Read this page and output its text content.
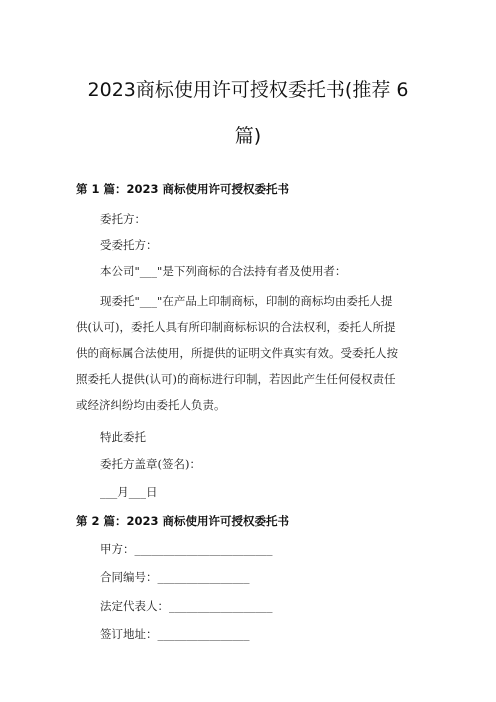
2023商标使用许可授权委托书(推荐 6
篇)
第 1 篇：2023 商标使用许可授权委托书
委托方：
受委托方：
本公司"___"是下列商标的合法持有者及使用者：
现委托"___"在产品上印制商标，印制的商标均由委托人提
供(认可)，委托人具有所印制商标标识的合法权利，委托人所提
供的商标属合法使用，所提供的证明文件真实有效。受委托人按
照委托人提供(认可)的商标进行印制，若因此产生任何侵权责任
或经济纠纷均由委托人负责。
特此委托
委托方盖章(签名)：
___月___日
第 2 篇：2023 商标使用许可授权委托书
甲方：________________________
合同编号：________________
法定代表人：__________________
签订地址：________________
